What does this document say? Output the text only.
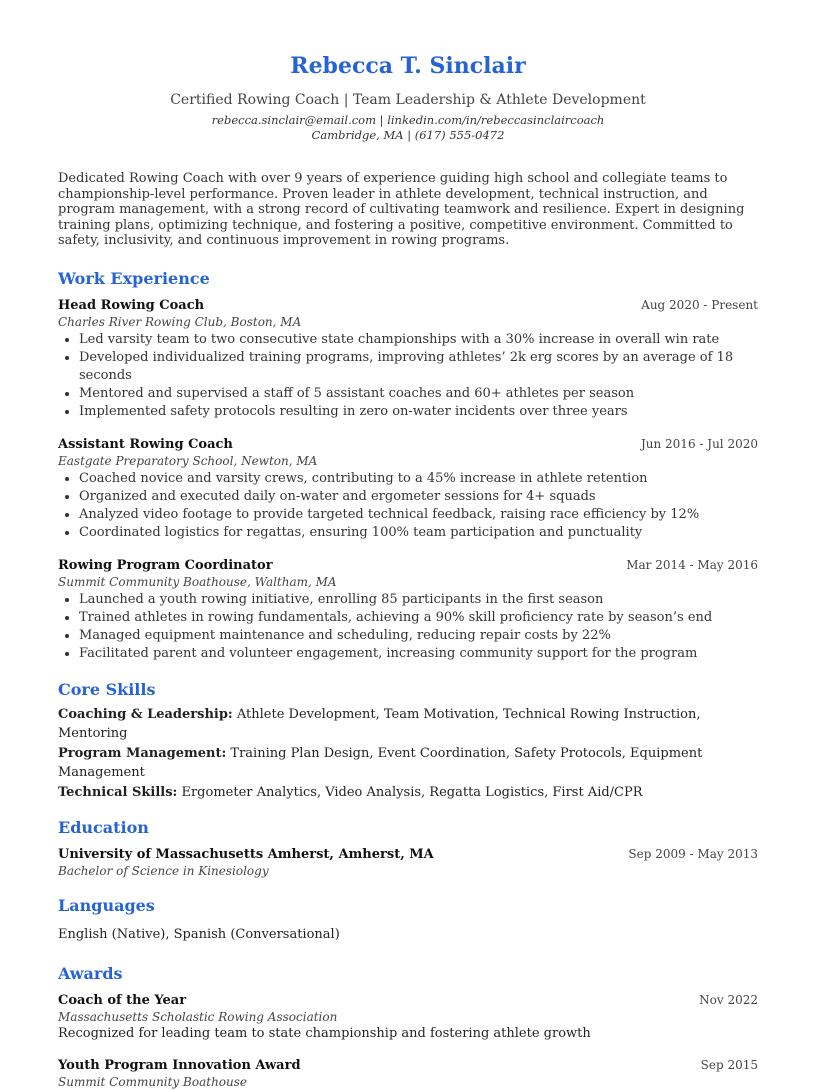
Rebecca T. Sinclair
Certified Rowing Coach | Team Leadership & Athlete Development
rebecca.sinclair@email.com | linkedin.com/in/rebeccasinclaircoach
Cambridge, MA | (617) 555-0472
Dedicated Rowing Coach with over 9 years of experience guiding high school and collegiate teams to championship-level performance. Proven leader in athlete development, technical instruction, and program management, with a strong record of cultivating teamwork and resilience. Expert in designing training plans, optimizing technique, and fostering a positive, competitive environment. Committed to safety, inclusivity, and continuous improvement in rowing programs.
Work Experience
Head Rowing Coach	Aug 2020 - Present
Charles River Rowing Club, Boston, MA
• Led varsity team to two consecutive state championships with a 30% increase in overall win rate
• Developed individualized training programs, improving athletes’ 2k erg scores by an average of 18 seconds
• Mentored and supervised a staff of 5 assistant coaches and 60+ athletes per season
• Implemented safety protocols resulting in zero on-water incidents over three years
Assistant Rowing Coach	Jun 2016 - Jul 2020
Eastgate Preparatory School, Newton, MA
• Coached novice and varsity crews, contributing to a 45% increase in athlete retention
• Organized and executed daily on-water and ergometer sessions for 4+ squads
• Analyzed video footage to provide targeted technical feedback, raising race efficiency by 12%
• Coordinated logistics for regattas, ensuring 100% team participation and punctuality
Rowing Program Coordinator	Mar 2014 - May 2016
Summit Community Boathouse, Waltham, MA
• Launched a youth rowing initiative, enrolling 85 participants in the first season
• Trained athletes in rowing fundamentals, achieving a 90% skill proficiency rate by season’s end
• Managed equipment maintenance and scheduling, reducing repair costs by 22%
• Facilitated parent and volunteer engagement, increasing community support for the program
Core Skills
Coaching & Leadership: Athlete Development, Team Motivation, Technical Rowing Instruction, Mentoring
Program Management: Training Plan Design, Event Coordination, Safety Protocols, Equipment Management
Technical Skills: Ergometer Analytics, Video Analysis, Regatta Logistics, First Aid/CPR
Education
University of Massachusetts Amherst, Amherst, MA	Sep 2009 - May 2013
Bachelor of Science in Kinesiology
Languages
English (Native), Spanish (Conversational)
Awards
Coach of the Year	Nov 2022
Massachusetts Scholastic Rowing Association
Recognized for leading team to state championship and fostering athlete growth
Youth Program Innovation Award	Sep 2015
Summit Community Boathouse
